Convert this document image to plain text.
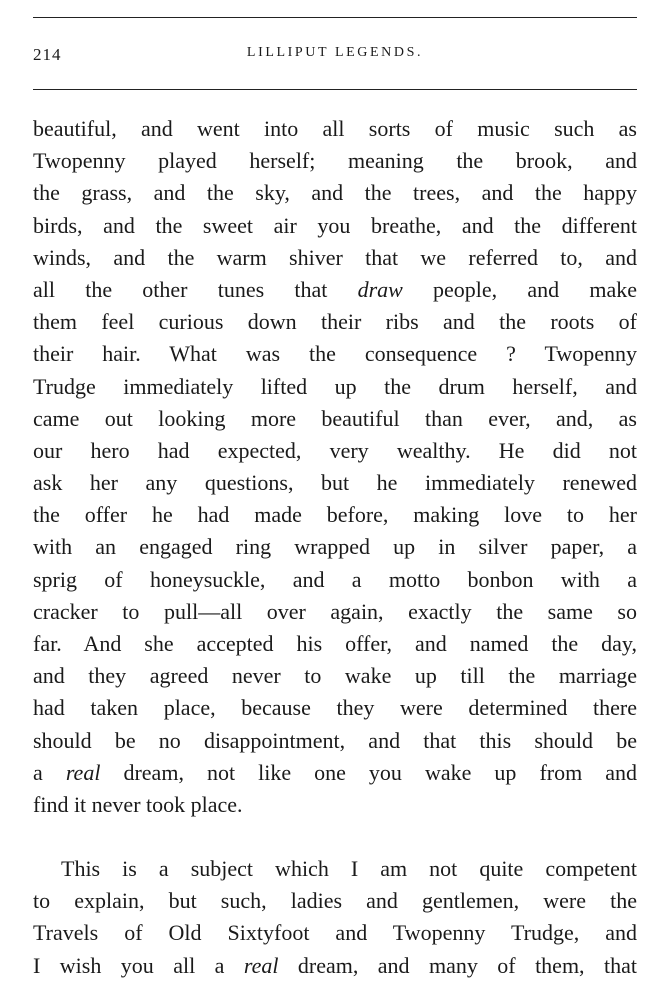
214	LILLIPUT LEGENDS.
beautiful, and went into all sorts of music such as
Twopenny played herself; meaning the brook, and
the grass, and the sky, and the trees, and the happy
birds, and the sweet air you breathe, and the different
winds, and the warm shiver that we referred to, and
all the other tunes that draw people, and make
them feel curious down their ribs and the roots of
their hair. What was the consequence ? Twopenny
Trudge immediately lifted up the drum herself, and
came out looking more beautiful than ever, and, as
our hero had expected, very wealthy. He did not
ask her any questions, but he immediately renewed
the offer he had made before, making love to her
with an engaged ring wrapped up in silver paper, a
sprig of honeysuckle, and a motto bonbon with a
cracker to pull—all over again, exactly the same so
far. And she accepted his offer, and named the day,
and they agreed never to wake up till the marriage
had taken place, because they were determined there
should be no disappointment, and that this should be
a real dream, not like one you wake up from and
find it never took place.
This is a subject which I am not quite competent
to explain, but such, ladies and gentlemen, were the
Travels of Old Sixtyfoot and Twopenny Trudge, and
I wish you all a real dream, and many of them, that
